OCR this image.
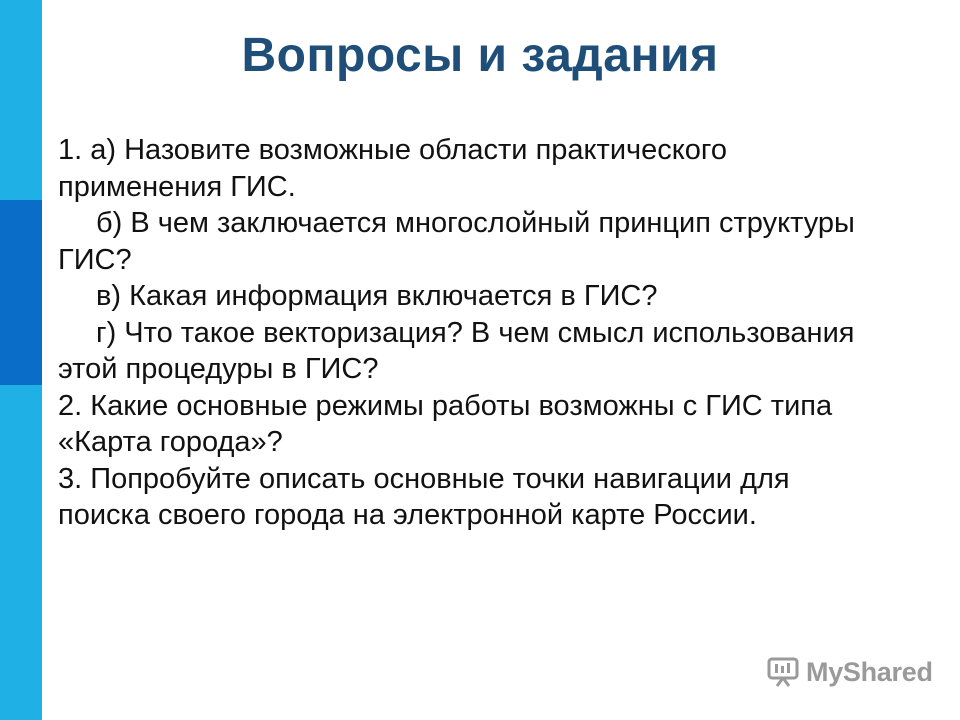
Вопросы и задания
1. а) Назовите возможные области практического
применения ГИС.
б) В чем заключается многослойный принцип структуры
ГИС?
в) Какая информация включается в ГИС?
г) Что такое векторизация? В чем смысл использования
этой процедуры в ГИС?
2. Какие основные режимы работы возможны с ГИС типа
«Карта города»?
3. Попробуйте описать основные точки навигации для
поиска своего города на электронной карте России.
MyShared
